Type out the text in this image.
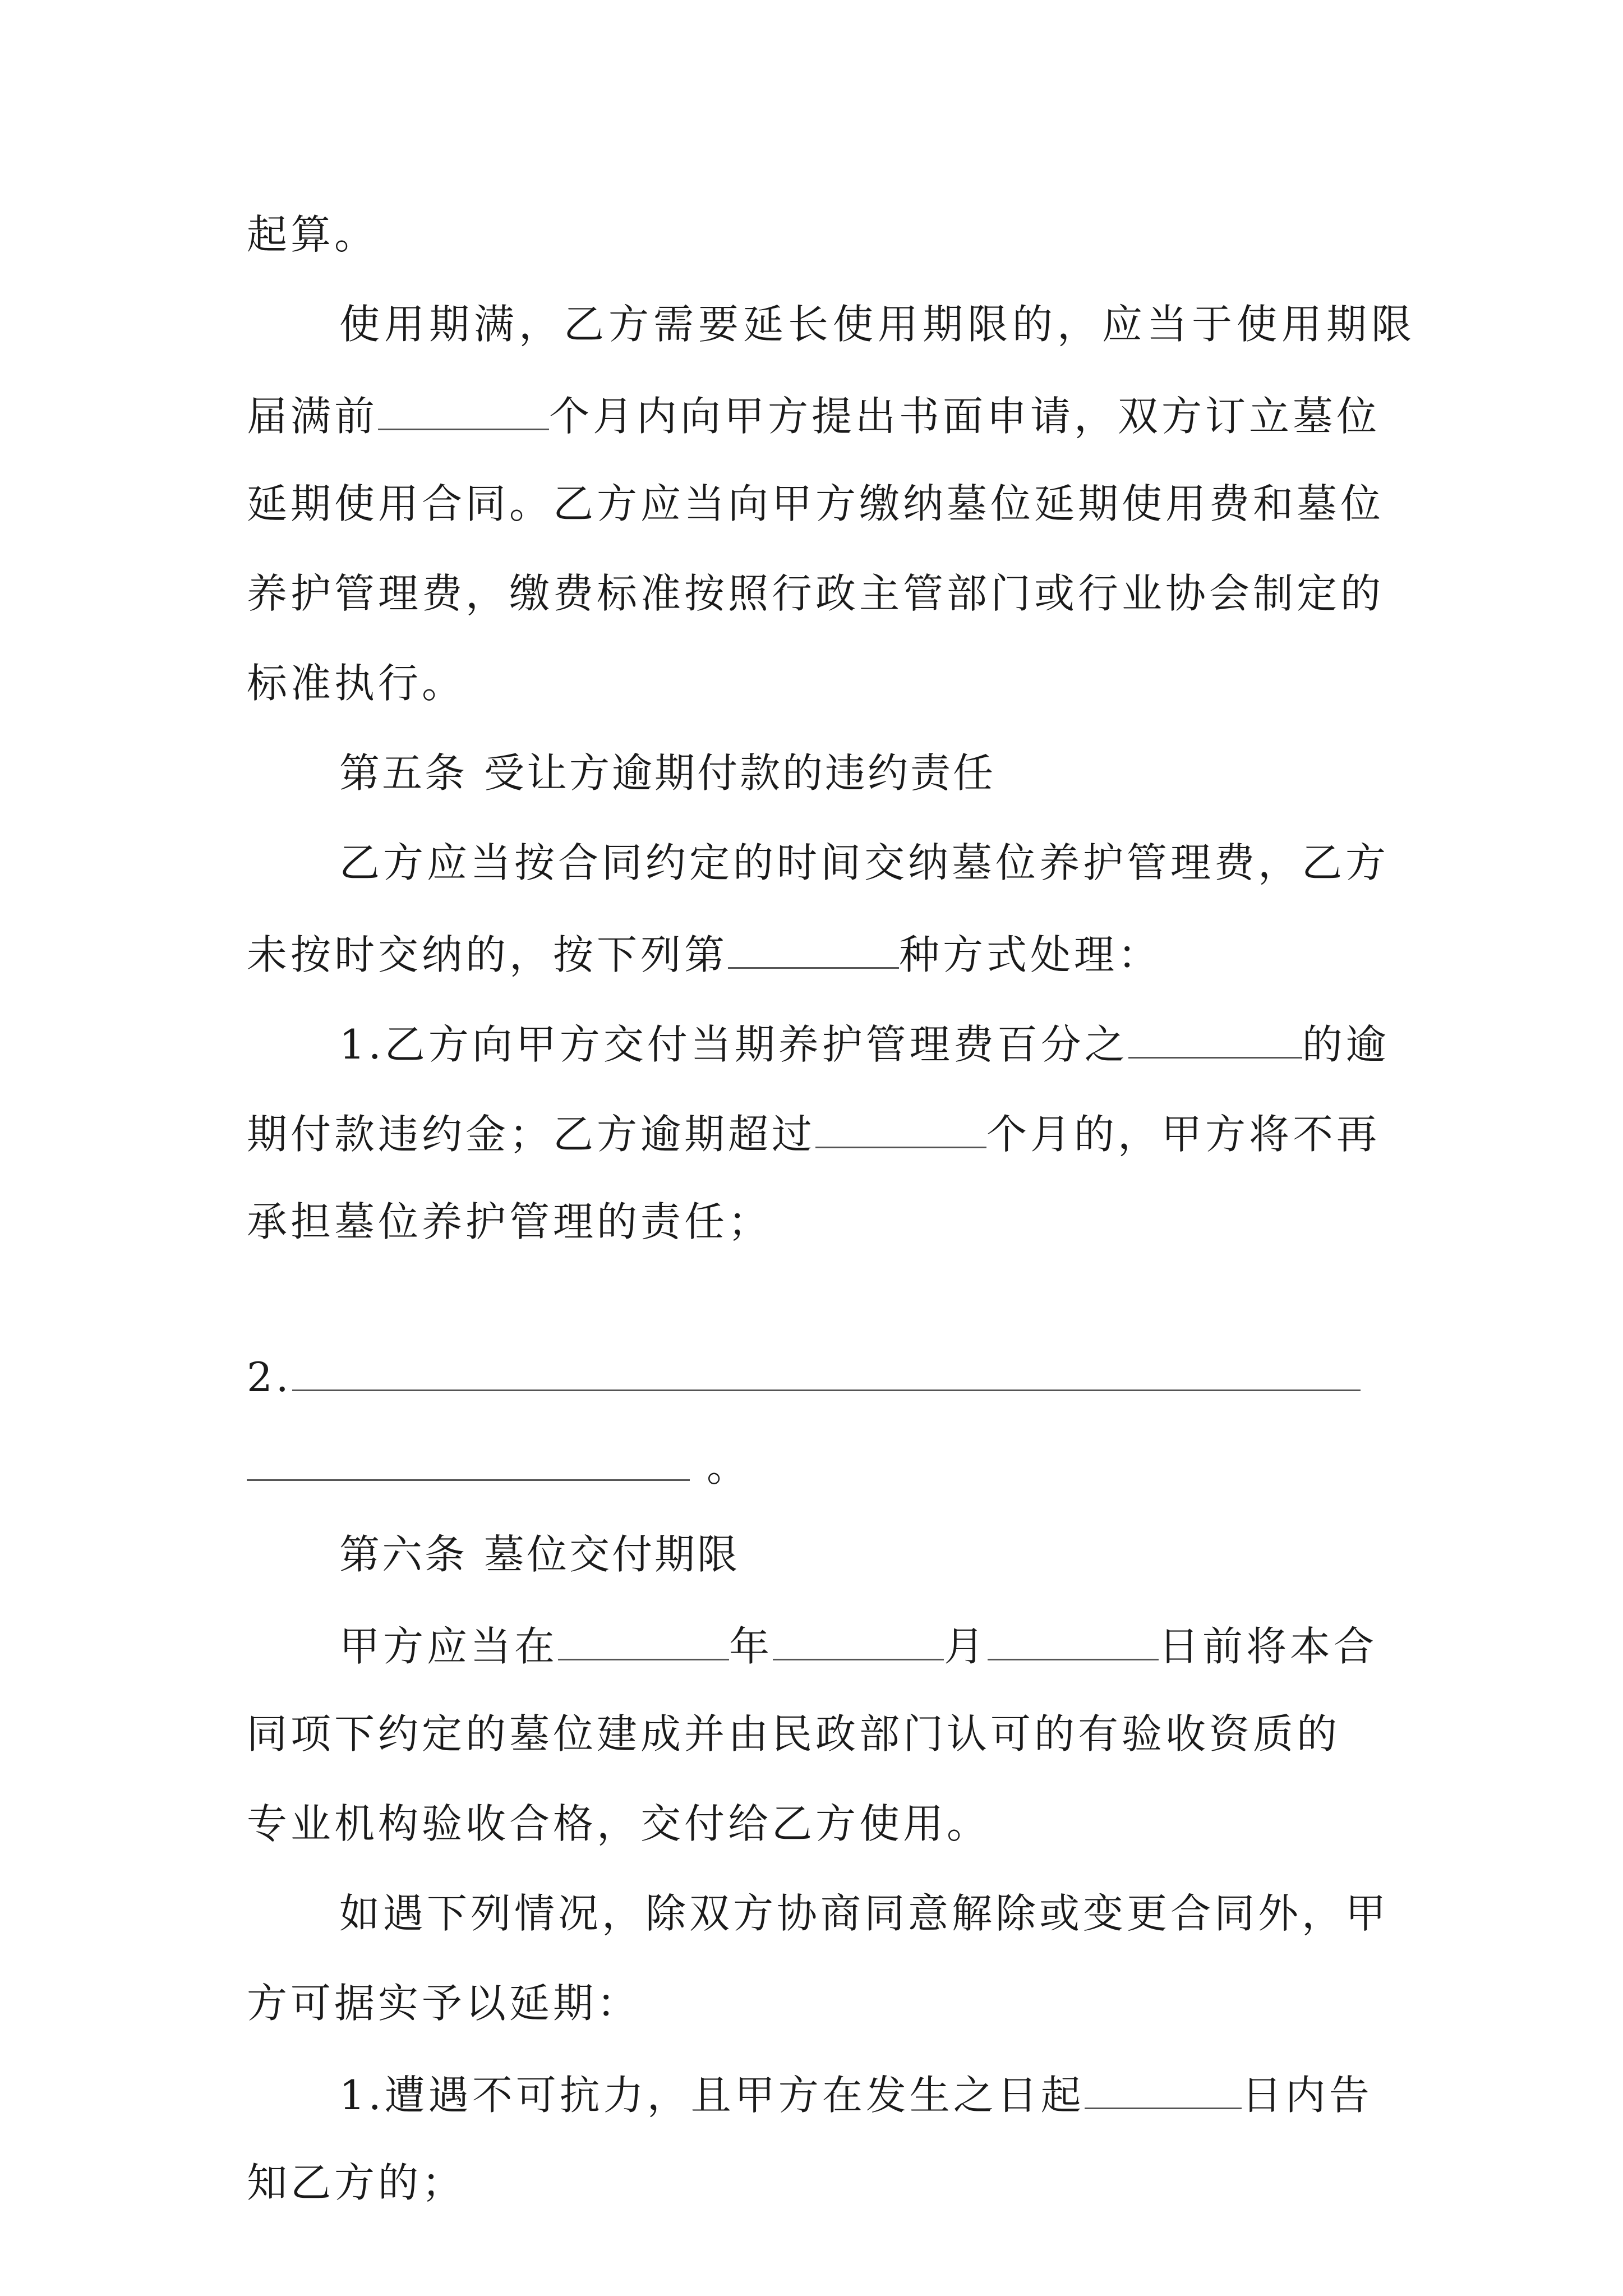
起算。
使用期满，乙方需要延长使用期限的，应当于使用期限
届满前	个月内向甲方提出书面申请，双方订立墓位
延期使用合同。乙方应当向甲方缴纳墓位延期使用费和墓位
养护管理费，缴费标准按照行政主管部门或行业协会制定的
标准执行。
第五条 受让方逾期付款的违约责任
乙方应当按合同约定的时间交纳墓位养护管理费，乙方
未按时交纳的，按下列第	种方式处理：
1.乙方向甲方交付当期养护管理费百分之	的逾
期付款违约金；乙方逾期超过	个月的，甲方将不再
承担墓位养护管理的责任；
2.
。
第六条 墓位交付期限
甲方应当在	年	月	日前将本合
同项下约定的墓位建成并由民政部门认可的有验收资质的
专业机构验收合格，交付给乙方使用。
如遇下列情况，除双方协商同意解除或变更合同外，甲
方可据实予以延期：
1.遭遇不可抗力，且甲方在发生之日起	日内告
知乙方的；
